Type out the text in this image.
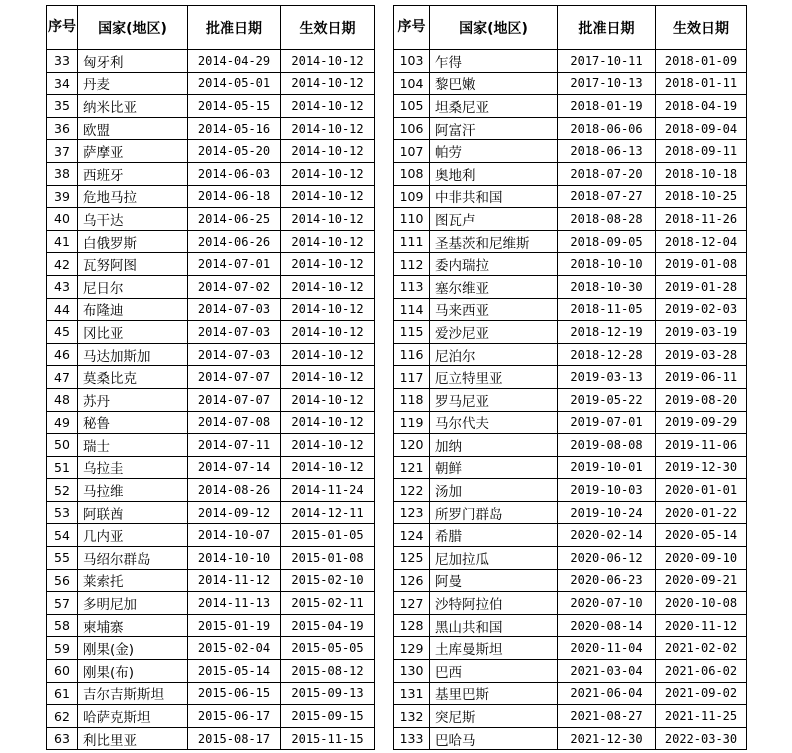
序号	国家(地区)	批准日期	生效日期
33	匈牙利	2014-04-29	2014-10-12
34	丹麦	2014-05-01	2014-10-12
35	纳米比亚	2014-05-15	2014-10-12
36	欧盟	2014-05-16	2014-10-12
37	萨摩亚	2014-05-20	2014-10-12
38	西班牙	2014-06-03	2014-10-12
39	危地马拉	2014-06-18	2014-10-12
40	乌干达	2014-06-25	2014-10-12
41	白俄罗斯	2014-06-26	2014-10-12
42	瓦努阿图	2014-07-01	2014-10-12
43	尼日尔	2014-07-02	2014-10-12
44	布隆迪	2014-07-03	2014-10-12
45	冈比亚	2014-07-03	2014-10-12
46	马达加斯加	2014-07-03	2014-10-12
47	莫桑比克	2014-07-07	2014-10-12
48	苏丹	2014-07-07	2014-10-12
49	秘鲁	2014-07-08	2014-10-12
50	瑞士	2014-07-11	2014-10-12
51	乌拉圭	2014-07-14	2014-10-12
52	马拉维	2014-08-26	2014-11-24
53	阿联酋	2014-09-12	2014-12-11
54	几内亚	2014-10-07	2015-01-05
55	马绍尔群岛	2014-10-10	2015-01-08
56	莱索托	2014-11-12	2015-02-10
57	多明尼加	2014-11-13	2015-02-11
58	柬埔寨	2015-01-19	2015-04-19
59	刚果(金)	2015-02-04	2015-05-05
60	刚果(布)	2015-05-14	2015-08-12
61	吉尔吉斯斯坦	2015-06-15	2015-09-13
62	哈萨克斯坦	2015-06-17	2015-09-15
63	利比里亚	2015-08-17	2015-11-15
序号	国家(地区)	批准日期	生效日期
103	乍得	2017-10-11	2018-01-09
104	黎巴嫩	2017-10-13	2018-01-11
105	坦桑尼亚	2018-01-19	2018-04-19
106	阿富汗	2018-06-06	2018-09-04
107	帕劳	2018-06-13	2018-09-11
108	奥地利	2018-07-20	2018-10-18
109	中非共和国	2018-07-27	2018-10-25
110	图瓦卢	2018-08-28	2018-11-26
111	圣基茨和尼维斯	2018-09-05	2018-12-04
112	委内瑞拉	2018-10-10	2019-01-08
113	塞尔维亚	2018-10-30	2019-01-28
114	马来西亚	2018-11-05	2019-02-03
115	爱沙尼亚	2018-12-19	2019-03-19
116	尼泊尔	2018-12-28	2019-03-28
117	厄立特里亚	2019-03-13	2019-06-11
118	罗马尼亚	2019-05-22	2019-08-20
119	马尔代夫	2019-07-01	2019-09-29
120	加纳	2019-08-08	2019-11-06
121	朝鲜	2019-10-01	2019-12-30
122	汤加	2019-10-03	2020-01-01
123	所罗门群岛	2019-10-24	2020-01-22
124	希腊	2020-02-14	2020-05-14
125	尼加拉瓜	2020-06-12	2020-09-10
126	阿曼	2020-06-23	2020-09-21
127	沙特阿拉伯	2020-07-10	2020-10-08
128	黑山共和国	2020-08-14	2020-11-12
129	土库曼斯坦	2020-11-04	2021-02-02
130	巴西	2021-03-04	2021-06-02
131	基里巴斯	2021-06-04	2021-09-02
132	突尼斯	2021-08-27	2021-11-25
133	巴哈马	2021-12-30	2022-03-30
